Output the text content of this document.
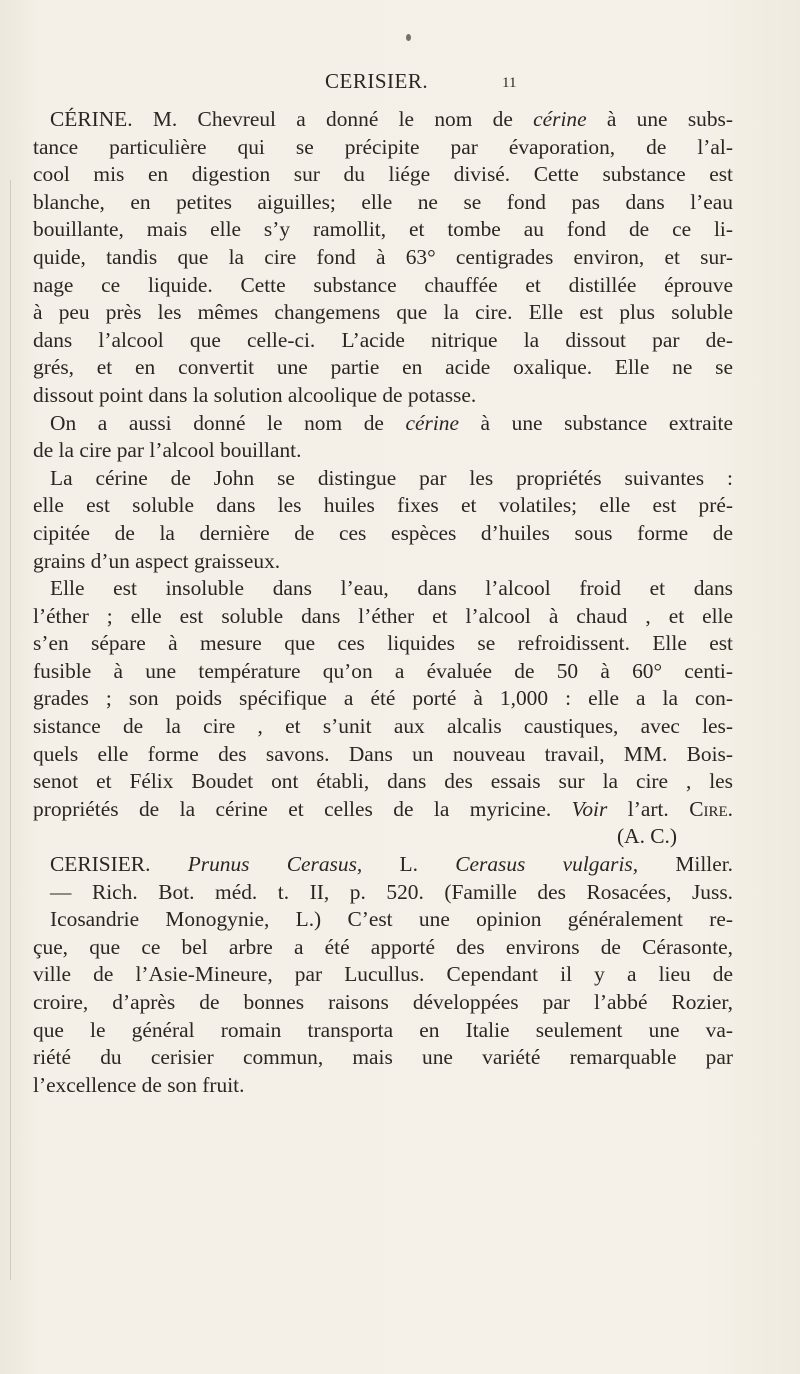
CERISIER.	11
CÉRINE. M. Chevreul a donné le nom de cérine à une subs-
tance particulière qui se précipite par évaporation, de l’al-
cool mis en digestion sur du liége divisé. Cette substance est
blanche, en petites aiguilles; elle ne se fond pas dans l’eau
bouillante, mais elle s’y ramollit, et tombe au fond de ce li-
quide, tandis que la cire fond à 63° centigrades environ, et sur-
nage ce liquide. Cette substance chauffée et distillée éprouve
à peu près les mêmes changemens que la cire. Elle est plus soluble
dans l’alcool que celle-ci. L’acide nitrique la dissout par de-
grés, et en convertit une partie en acide oxalique. Elle ne se
dissout point dans la solution alcoolique de potasse.
On a aussi donné le nom de cérine à une substance extraite
de la cire par l’alcool bouillant.
La cérine de John se distingue par les propriétés suivantes :
elle est soluble dans les huiles fixes et volatiles; elle est pré-
cipitée de la dernière de ces espèces d’huiles sous forme de
grains d’un aspect graisseux.
Elle est insoluble dans l’eau, dans l’alcool froid et dans
l’éther ; elle est soluble dans l’éther et l’alcool à chaud , et elle
s’en sépare à mesure que ces liquides se refroidissent. Elle est
fusible à une température qu’on a évaluée de 50 à 60° centi-
grades ; son poids spécifique a été porté à 1,000 : elle a la con-
sistance de la cire , et s’unit aux alcalis caustiques, avec les-
quels elle forme des savons. Dans un nouveau travail, MM. Bois-
senot et Félix Boudet ont établi, dans des essais sur la cire , les
propriétés de la cérine et celles de la myricine. Voir l’art. Cire.
(A. C.)
CERISIER. Prunus Cerasus, L. Cerasus vulgaris, Miller.
— Rich. Bot. méd. t. II, p. 520. (Famille des Rosacées, Juss.
Icosandrie Monogynie, L.) C’est une opinion généralement re-
çue, que ce bel arbre a été apporté des environs de Cérasonte,
ville de l’Asie-Mineure, par Lucullus. Cependant il y a lieu de
croire, d’après de bonnes raisons développées par l’abbé Rozier,
que le général romain transporta en Italie seulement une va-
riété du cerisier commun, mais une variété remarquable par
l’excellence de son fruit.
